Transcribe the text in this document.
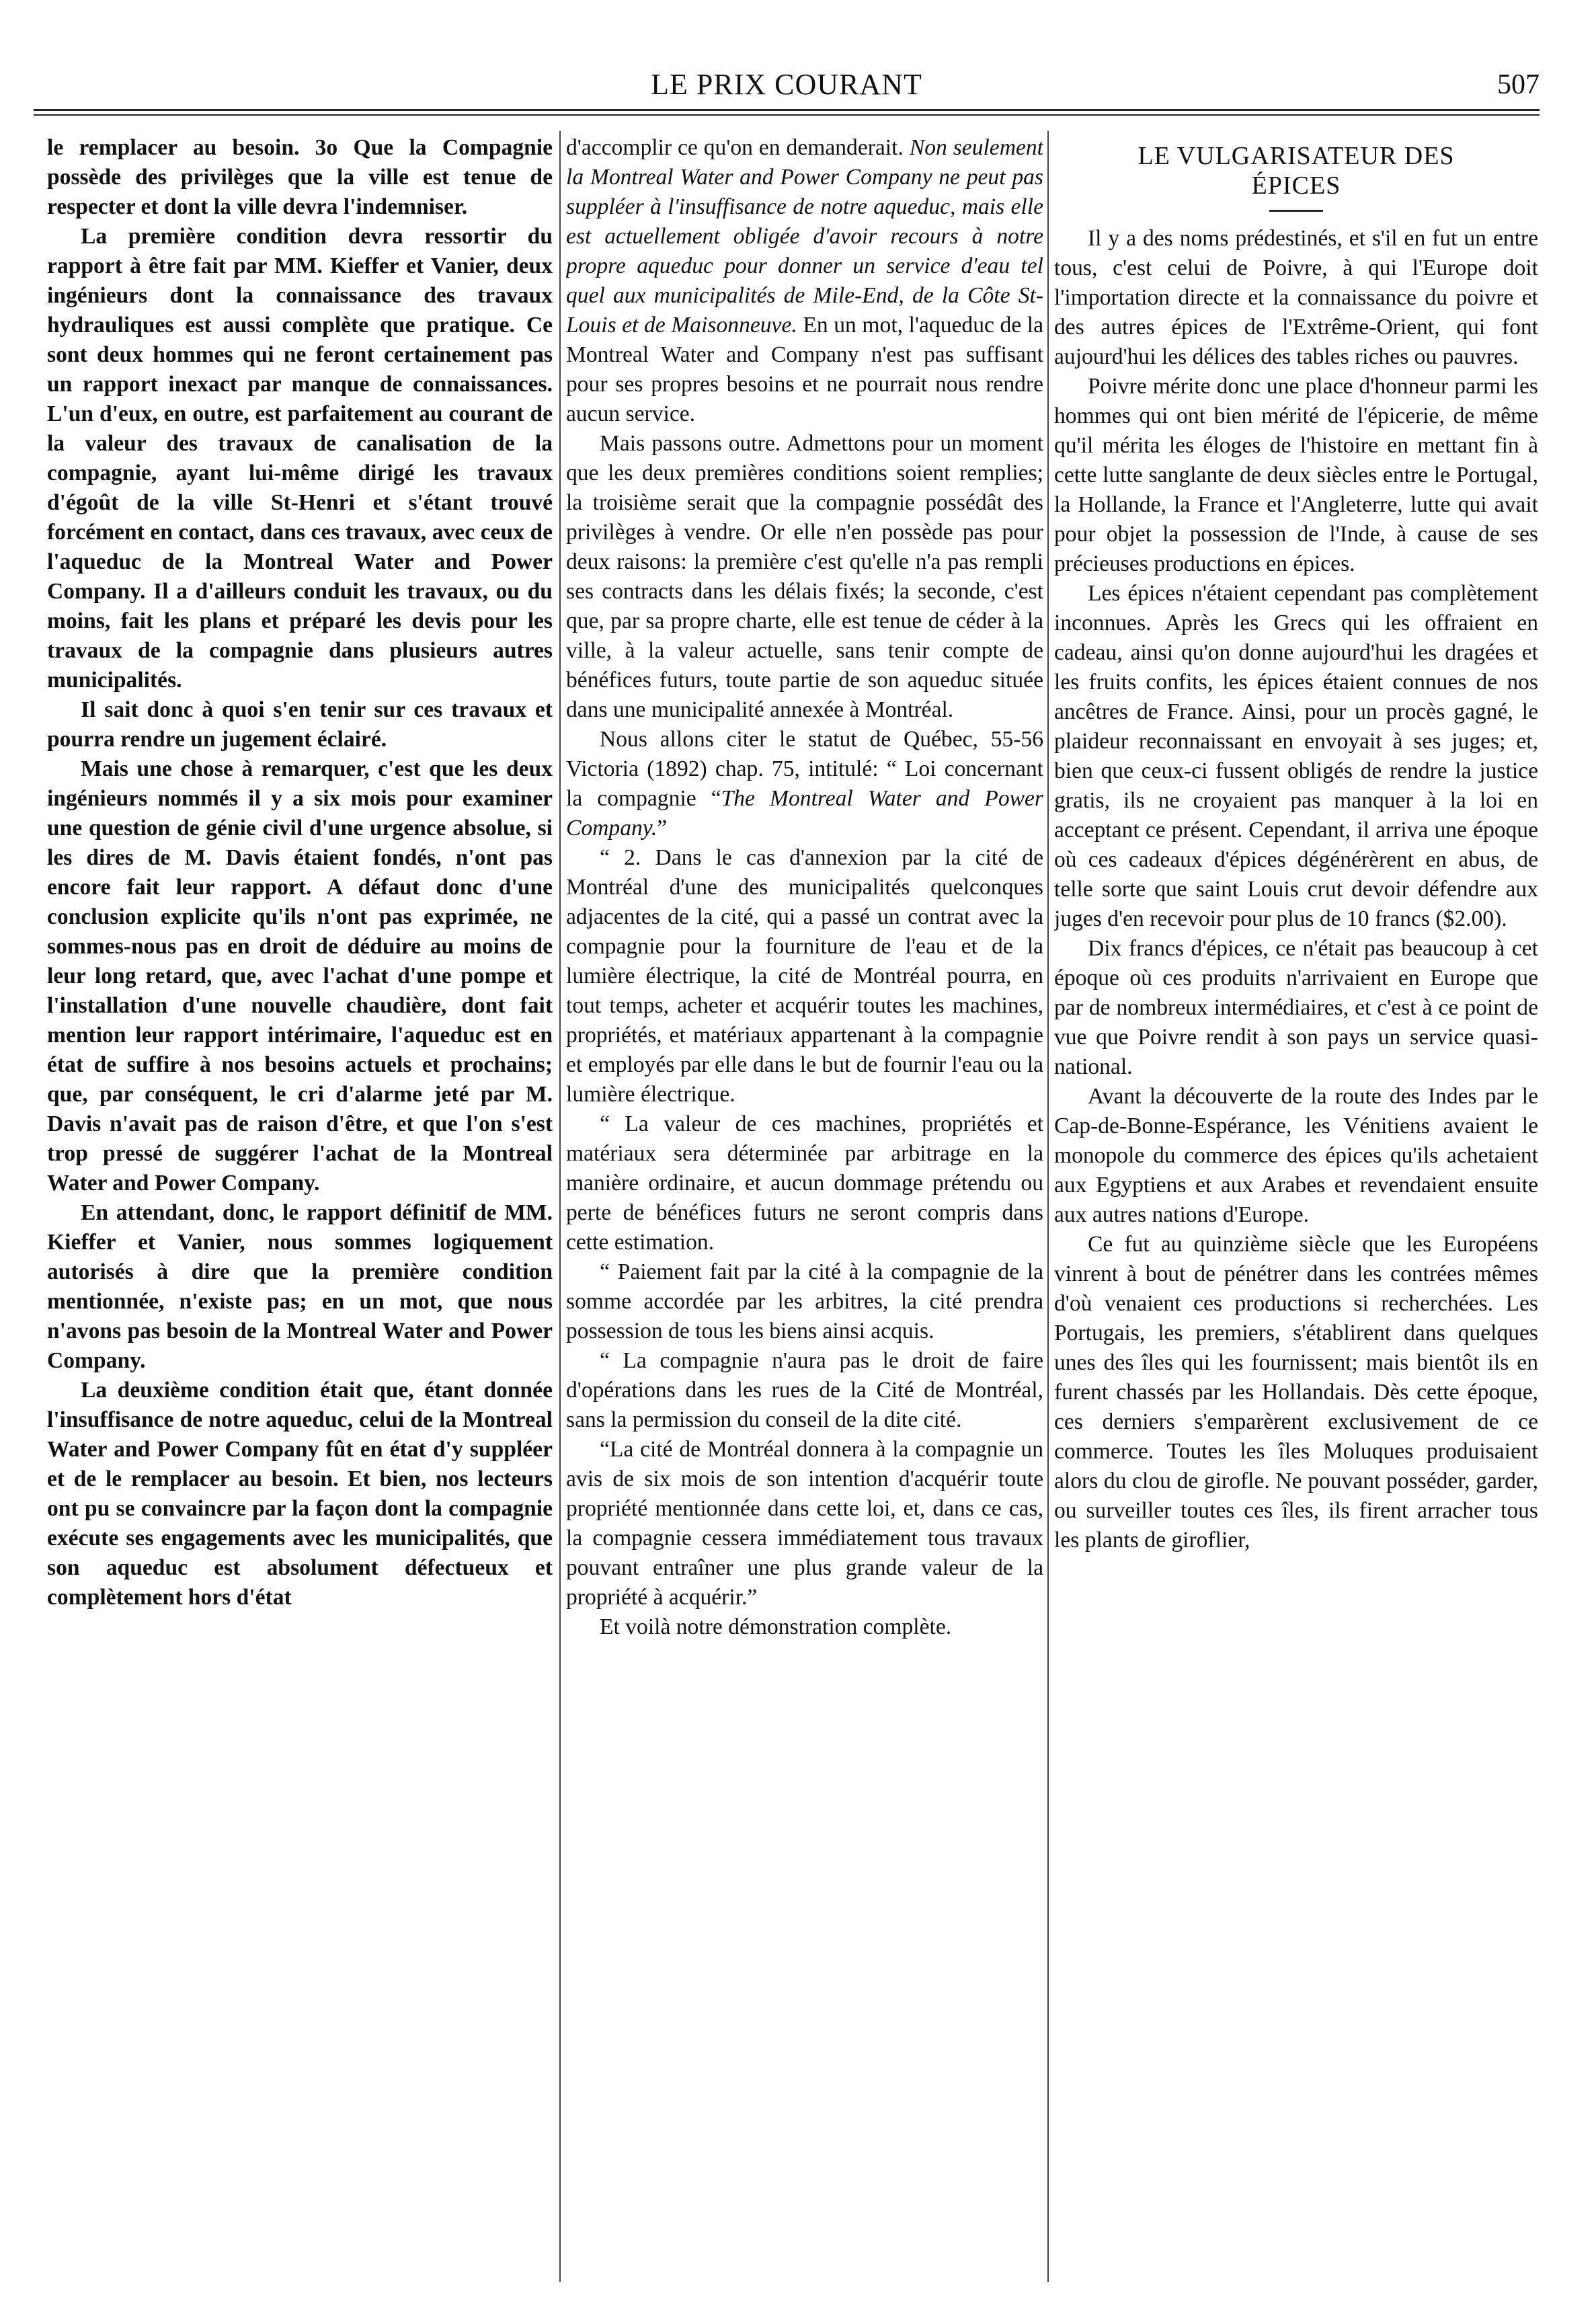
LE PRIX COURANT	507

le remplacer au besoin. 3o Que la Compagnie possède des privilèges que la ville est tenue de respecter et dont la ville devra l'indemniser.

La première condition devra ressortir du rapport à être fait par MM. Kieffer et Vanier, deux ingénieurs dont la connaissance des travaux hydrauliques est aussi complète que pratique. Ce sont deux hommes qui ne feront certainement pas un rapport inexact par manque de connaissances. L'un d'eux, en outre, est parfaitement au courant de la valeur des travaux de canalisation de la compagnie, ayant lui-même dirigé les travaux d'égoût de la ville St-Henri et s'étant trouvé forcément en contact, dans ces travaux, avec ceux de l'aqueduc de la Montreal Water and Power Company. Il a d'ailleurs conduit les travaux, ou du moins, fait les plans et préparé les devis pour les travaux de la compagnie dans plusieurs autres municipalités.

Il sait donc à quoi s'en tenir sur ces travaux et pourra rendre un jugement éclairé.

Mais une chose à remarquer, c'est que les deux ingénieurs nommés il y a six mois pour examiner une question de génie civil d'une urgence absolue, si les dires de M. Davis étaient fondés, n'ont pas encore fait leur rapport. A défaut donc d'une conclusion explicite qu'ils n'ont pas exprimée, ne sommes-nous pas en droit de déduire au moins de leur long retard, que, avec l'achat d'une pompe et l'installation d'une nouvelle chaudière, dont fait mention leur rapport intérimaire, l'aqueduc est en état de suffire à nos besoins actuels et prochains; que, par conséquent, le cri d'alarme jeté par M. Davis n'avait pas de raison d'être, et que l'on s'est trop pressé de suggérer l'achat de la Montreal Water and Power Company.

En attendant, donc, le rapport définitif de MM. Kieffer et Vanier, nous sommes logiquement autorisés à dire que la première condition mentionnée, n'existe pas; en un mot, que nous n'avons pas besoin de la Montreal Water and Power Company.

La deuxième condition était que, étant donnée l'insuffisance de notre aqueduc, celui de la Montreal Water and Power Company fût en état d'y suppléer et de le remplacer au besoin. Et bien, nos lecteurs ont pu se convaincre par la façon dont la compagnie exécute ses engagements avec les municipalités, que son aqueduc est absolument défectueux et complètement hors d'état

d'accomplir ce qu'on en demanderait. Non seulement la Montreal Water and Power Company ne peut pas suppléer à l'insuffisance de notre aqueduc, mais elle est actuellement obligée d'avoir recours à notre propre aqueduc pour donner un service d'eau tel quel aux municipalités de Mile-End, de la Côte St-Louis et de Maisonneuve. En un mot, l'aqueduc de la Montreal Water and Company n'est pas suffisant pour ses propres besoins et ne pourrait nous rendre aucun service.

Mais passons outre. Admettons pour un moment que les deux premières conditions soient remplies; la troisième serait que la compagnie possédât des privilèges à vendre. Or elle n'en possède pas pour deux raisons: la première c'est qu'elle n'a pas rempli ses contracts dans les délais fixés; la seconde, c'est que, par sa propre charte, elle est tenue de céder à la ville, à la valeur actuelle, sans tenir compte de bénéfices futurs, toute partie de son aqueduc située dans une municipalité annexée à Montréal.

Nous allons citer le statut de Québec, 55-56 Victoria (1892) chap. 75, intitulé: “ Loi concernant la compagnie “The Montreal Water and Power Company.”

“ 2. Dans le cas d'annexion par la cité de Montréal d'une des municipalités quelconques adjacentes de la cité, qui a passé un contrat avec la compagnie pour la fourniture de l'eau et de la lumière électrique, la cité de Montréal pourra, en tout temps, acheter et acquérir toutes les machines, propriétés, et matériaux appartenant à la compagnie et employés par elle dans le but de fournir l'eau ou la lumière électrique.

“ La valeur de ces machines, propriétés et matériaux sera déterminée par arbitrage en la manière ordinaire, et aucun dommage prétendu ou perte de bénéfices futurs ne seront compris dans cette estimation.

“ Paiement fait par la cité à la compagnie de la somme accordée par les arbitres, la cité prendra possession de tous les biens ainsi acquis.

“ La compagnie n'aura pas le droit de faire d'opérations dans les rues de la Cité de Montréal, sans la permission du conseil de la dite cité.

“La cité de Montréal donnera à la compagnie un avis de six mois de son intention d'acquérir toute propriété mentionnée dans cette loi, et, dans ce cas, la compagnie cessera immédiatement tous travaux pouvant entraîner une plus grande valeur de la propriété à acquérir.”

Et voilà notre démonstration complète.

LE VULGARISATEUR DES
ÉPICES

Il y a des noms prédestinés, et s'il en fut un entre tous, c'est celui de Poivre, à qui l'Europe doit l'importation directe et la connaissance du poivre et des autres épices de l'Extrême-Orient, qui font aujourd'hui les délices des tables riches ou pauvres.

Poivre mérite donc une place d'honneur parmi les hommes qui ont bien mérité de l'épicerie, de même qu'il mérita les éloges de l'histoire en mettant fin à cette lutte sanglante de deux siècles entre le Portugal, la Hollande, la France et l'Angleterre, lutte qui avait pour objet la possession de l'Inde, à cause de ses précieuses productions en épices.

Les épices n'étaient cependant pas complètement inconnues. Après les Grecs qui les offraient en cadeau, ainsi qu'on donne aujourd'hui les dragées et les fruits confits, les épices étaient connues de nos ancêtres de France. Ainsi, pour un procès gagné, le plaideur reconnaissant en envoyait à ses juges; et, bien que ceux-ci fussent obligés de rendre la justice gratis, ils ne croyaient pas manquer à la loi en acceptant ce présent. Cependant, il arriva une époque où ces cadeaux d'épices dégénérèrent en abus, de telle sorte que saint Louis crut devoir défendre aux juges d'en recevoir pour plus de 10 francs ($2.00).

Dix francs d'épices, ce n'était pas beaucoup à cet époque où ces produits n'arrivaient en Europe que par de nombreux intermédiaires, et c'est à ce point de vue que Poivre rendit à son pays un service quasi-national.

Avant la découverte de la route des Indes par le Cap-de-Bonne-Espérance, les Vénitiens avaient le monopole du commerce des épices qu'ils achetaient aux Egyptiens et aux Arabes et revendaient ensuite aux autres nations d'Europe.

Ce fut au quinzième siècle que les Européens vinrent à bout de pénétrer dans les contrées mêmes d'où venaient ces productions si recherchées. Les Portugais, les premiers, s'établirent dans quelques unes des îles qui les fournissent; mais bientôt ils en furent chassés par les Hollandais. Dès cette époque, ces derniers s'emparèrent exclusivement de ce commerce. Toutes les îles Moluques produisaient alors du clou de girofle. Ne pouvant posséder, garder, ou surveiller toutes ces îles, ils firent arracher tous les plants de giroflier,
